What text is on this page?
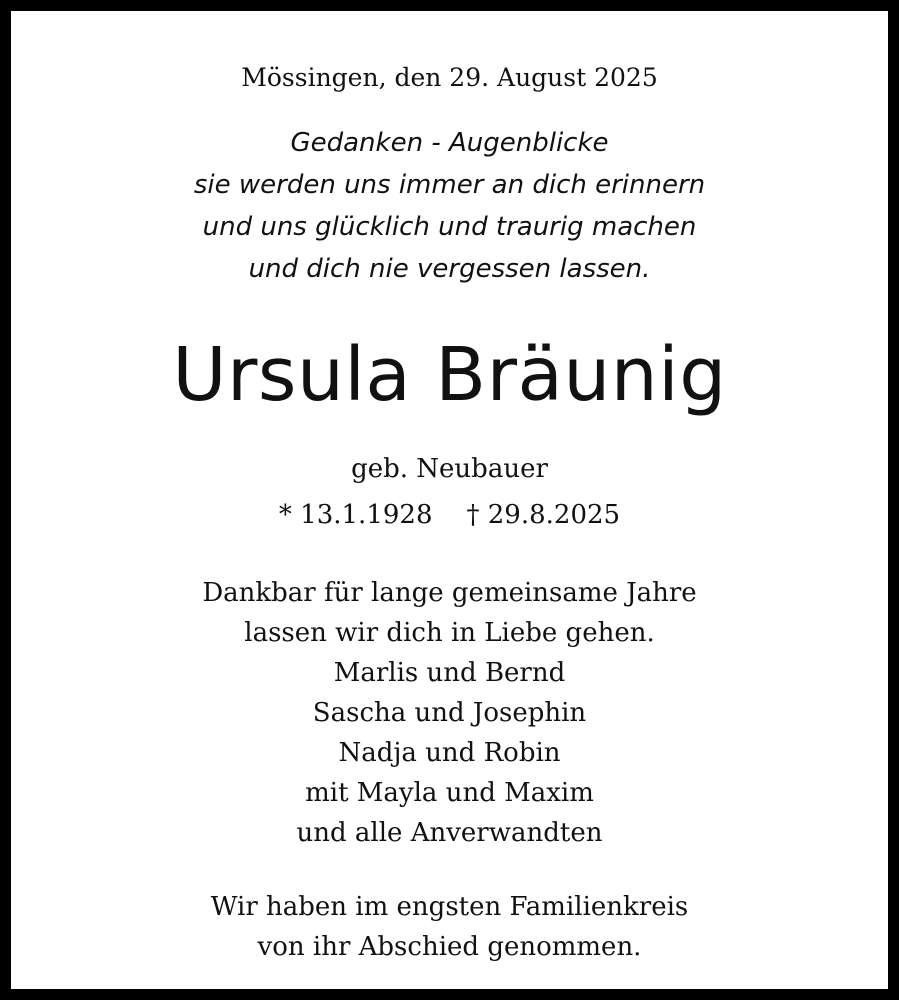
Mössingen, den 29. August 2025
Gedanken - Augenblicke
sie werden uns immer an dich erinnern
und uns glücklich und traurig machen
und dich nie vergessen lassen.
Ursula Bräunig
geb. Neubauer
* 13.1.1928 † 29.8.2025
Dankbar für lange gemeinsame Jahre
lassen wir dich in Liebe gehen.
Marlis und Bernd
Sascha und Josephin
Nadja und Robin
mit Mayla und Maxim
und alle Anverwandten
Wir haben im engsten Familienkreis
von ihr Abschied genommen.
